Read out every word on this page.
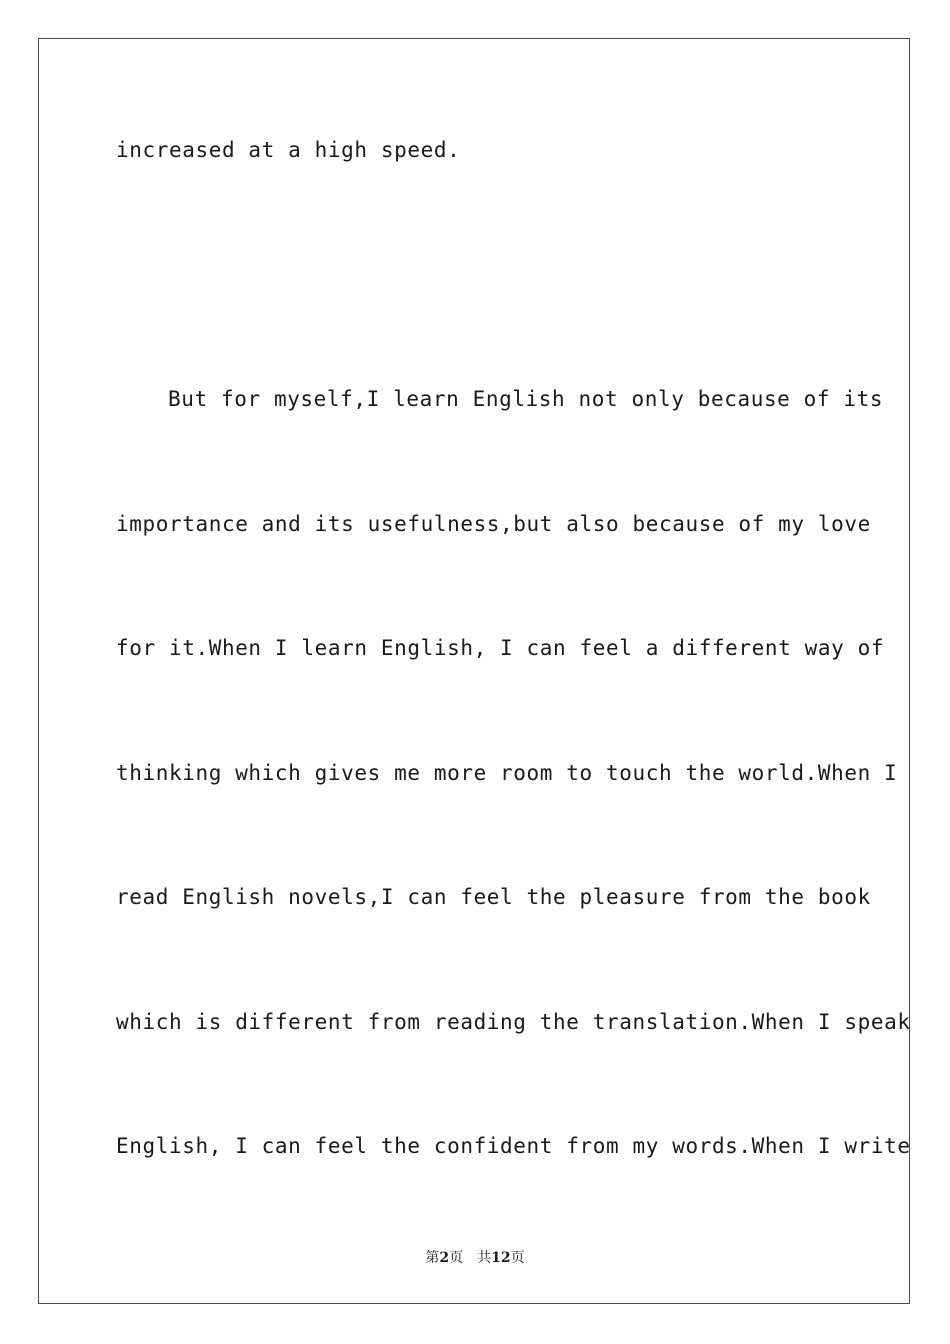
increased at a high speed.
But for myself,I learn English not only because of its
importance and its usefulness,but also because of my love
for it.When I learn English, I can feel a different way of
thinking which gives me more room to touch the world.When I
read English novels,I can feel the pleasure from the book
which is different from reading the translation.When I speak
English, I can feel the confident from my words.When I write
第2页 共12页
